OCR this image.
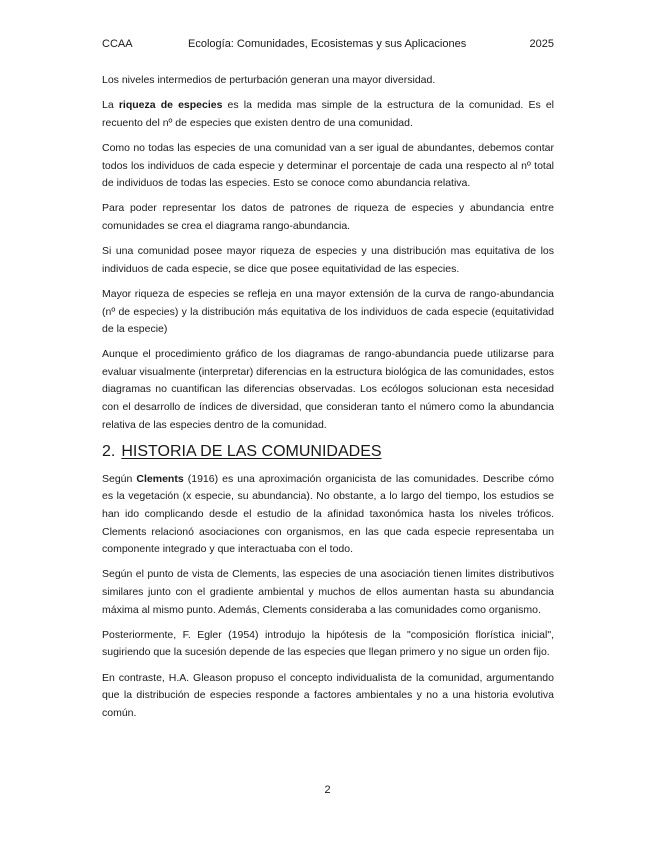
CCAA	Ecología: Comunidades, Ecosistemas y sus Aplicaciones	2025

Los niveles intermedios de perturbación generan una mayor diversidad.

La riqueza de especies es la medida mas simple de la estructura de la comunidad. Es el recuento del nº de especies que existen dentro de una comunidad.

Como no todas las especies de una comunidad van a ser igual de abundantes, debemos contar todos los individuos de cada especie y determinar el porcentaje de cada una respecto al nº total de individuos de todas las especies. Esto se conoce como abundancia relativa.

Para poder representar los datos de patrones de riqueza de especies y abundancia entre comunidades se crea el diagrama rango-abundancia.

Si una comunidad posee mayor riqueza de especies y una distribución mas equitativa de los individuos de cada especie, se dice que posee equitatividad de las especies.

Mayor riqueza de especies se refleja en una mayor extensión de la curva de rango-abundancia (nº de especies) y la distribución más equitativa de los individuos de cada especie (equitatividad de la especie)

Aunque el procedimiento gráfico de los diagramas de rango-abundancia puede utilizarse para evaluar visualmente (interpretar) diferencias en la estructura biológica de las comunidades, estos diagramas no cuantifican las diferencias observadas. Los ecólogos solucionan esta necesidad con el desarrollo de índices de diversidad, que consideran tanto el número como la abundancia relativa de las especies dentro de la comunidad.

2. HISTORIA DE LAS COMUNIDADES

Según Clements (1916) es una aproximación organicista de las comunidades. Describe cómo es la vegetación (x especie, su abundancia). No obstante, a lo largo del tiempo, los estudios se han ido complicando desde el estudio de la afinidad taxonómica hasta los niveles tróficos. Clements relacionó asociaciones con organismos, en las que cada especie representaba un componente integrado y que interactuaba con el todo.

Según el punto de vista de Clements, las especies de una asociación tienen limites distributivos similares junto con el gradiente ambiental y muchos de ellos aumentan hasta su abundancia máxima al mismo punto. Además, Clements consideraba a las comunidades como organismo.

Posteriormente, F. Egler (1954) introdujo la hipótesis de la "composición florística inicial", sugiriendo que la sucesión depende de las especies que llegan primero y no sigue un orden fijo.

En contraste, H.A. Gleason propuso el concepto individualista de la comunidad, argumentando que la distribución de especies responde a factores ambientales y no a una historia evolutiva común.

2
